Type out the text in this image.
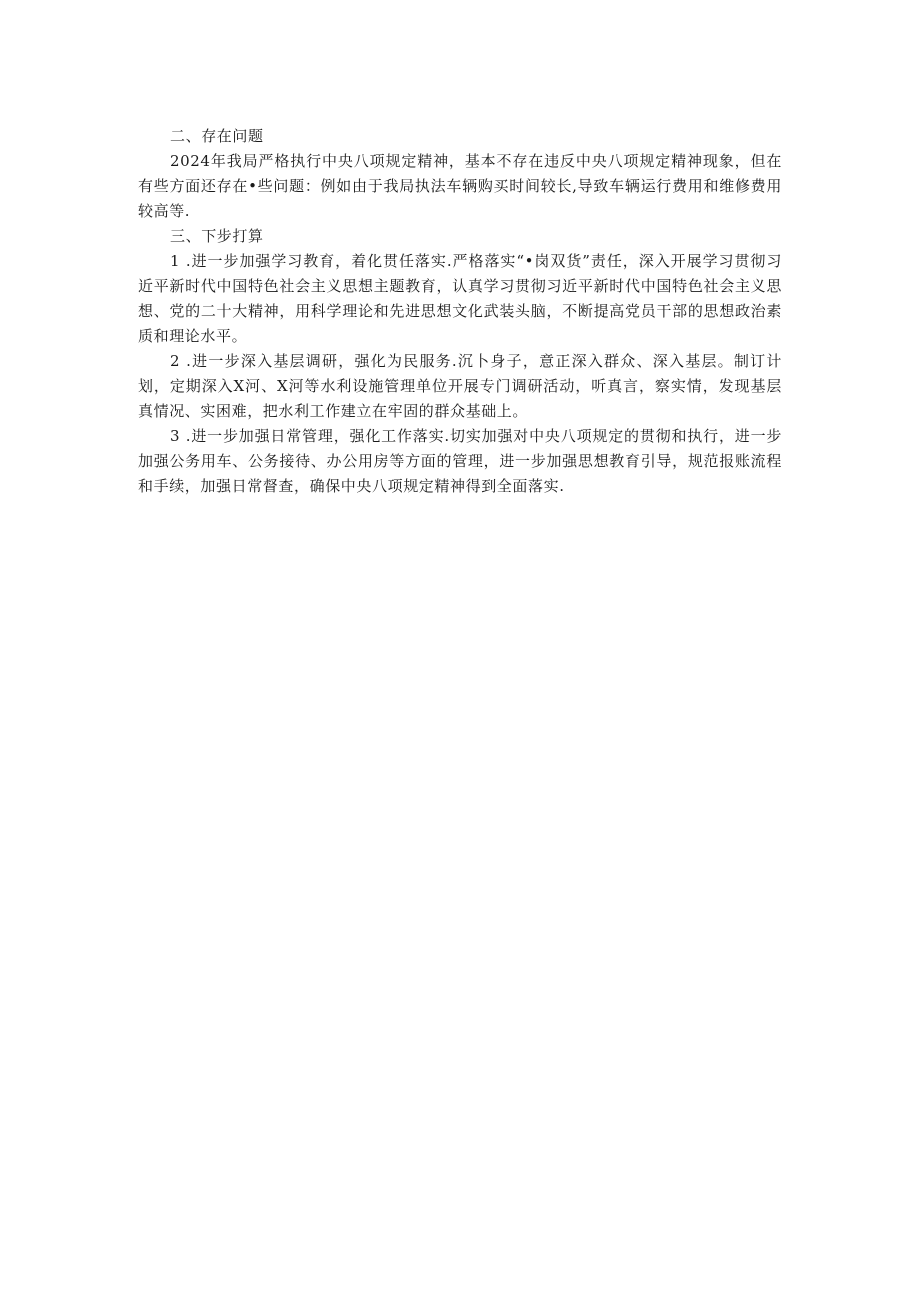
二、存在问题

2024年我局严格执行中央八项规定精神，基本不存在违反中央八项规定精神现象，但在有些方面还存在•些问题：例如由于我局执法车辆购买时间较长,导致车辆运行费用和维修费用较高等.

三、下步打算

1 .进一步加强学习教育，着化贯任落实.严格落实“•岗双货”责任，深入开展学习贯彻习近平新时代中国特色社会主义思想主题教育，认真学习贯彻习近平新时代中国特色社会主义思想、党的二十大精神，用科学理论和先进思想文化武装头脑，不断提高党员干部的思想政治素质和理论水平。

2 .进一步深入基层调研，强化为民服务.沉卜身子，意正深入群众、深入基层。制订计划，定期深入X河、X河等水利设施管理单位开展专门调研活动，听真言，察实情，发现基层真情况、实困难，把水利工作建立在牢固的群众基础上。

3 .进一步加强日常管理，强化工作落实.切实加强对中央八项规定的贯彻和执行，进一步加强公务用车、公务接待、办公用房等方面的管理，进一步加强思想教育引导，规范报账流程和手续，加强日常督查，确保中央八项规定精神得到全面落实.
